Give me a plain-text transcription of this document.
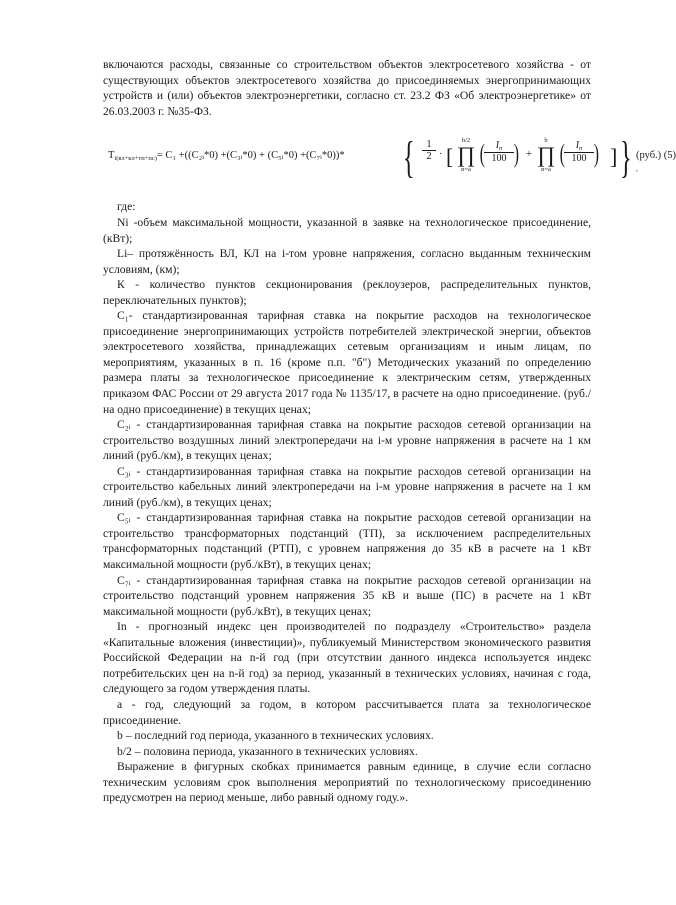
включаются расходы, связанные со строительством объектов электросетевого хозяйства - от существующих объектов электросетевого хозяйства до присоединяемых энергопринимающих устройств и (или) объектов электроэнергетики, согласно ст. 23.2 ФЗ «Об электроэнергетике» от 26.03.2003 г. №35-ФЗ.

$Т_{i(вл+кл+тп+пс)}= C_1$ +((C₂ᵢ*0) +(C₃ᵢ*0) + (C₅ᵢ*0) +(C₇ᵢ*0))* { $\frac{1}{2}$ · [
b/2
∏
n=a
( $\frac{I_n}{100}$ ) +
b
∏
n=a
( $\frac{I_n}{100}$ ) ] } (руб.) (5)
,

где:

Ni -объем максимальной мощности, указанной в заявке на технологическое присоединение, (кВт);

Li– протяжённость ВЛ, КЛ на i-том уровне напряжения, согласно выданным техническим условиям, (км);

К - количество пунктов секционирования (реклоузеров, распределительных пунктов, переключательных пунктов);

C₁- стандартизированная тарифная ставка на покрытие расходов на технологическое присоединение энергопринимающих устройств потребителей электрической энергии, объектов электросетевого хозяйства, принадлежащих сетевым организациям и иным лицам, по мероприятиям, указанных в п. 16 (кроме п.п. "б") Методических указаний по определению размера платы за технологическое присоединение к электрическим сетям, утвержденных приказом ФАС России от 29 августа 2017 года № 1135/17, в расчете на одно присоединение. (руб./на одно присоединение) в текущих ценах;

C₂ᵢ - стандартизированная тарифная ставка на покрытие расходов сетевой организации на строительство воздушных линий электропередачи на i-м уровне напряжения в расчете на 1 км линий (руб./км), в текущих ценах;

C₃ᵢ - стандартизированная тарифная ставка на покрытие расходов сетевой организации на строительство кабельных линий электропередачи на i-м уровне напряжения в расчете на 1 км линий (руб./км), в текущих ценах;

C₅ᵢ - стандартизированная тарифная ставка на покрытие расходов сетевой организации на строительство трансформаторных подстанций (ТП), за исключением распределительных трансформаторных подстанций (РТП), с уровнем напряжения до 35 кВ в расчете на 1 кВт максимальной мощности (руб./кВт), в текущих ценах;

C₇ᵢ - стандартизированная тарифная ставка на покрытие расходов сетевой организации на строительство подстанций уровнем напряжения 35 кВ и выше (ПС) в расчете на 1 кВт максимальной мощности (руб./кВт), в текущих ценах;

In - прогнозный индекс цен производителей по подразделу «Строительство» раздела «Капитальные вложения (инвестиции)», публикуемый Министерством экономического развития Российской Федерации на n-й год (при отсутствии данного индекса используется индекс потребительских цен на n-й год) за период, указанный в технических условиях, начиная с года, следующего за годом утверждения платы.

а - год, следующий за годом, в котором рассчитывается плата за технологическое присоединение.

b – последний год периода, указанного в технических условиях.

b/2 – половина периода, указанного в технических условиях.

Выражение в фигурных скобках принимается равным единице, в случие если согласно техническим условиям срок выполнения мероприятий по технологическому присоединению предусмотрен на период меньше, либо равный одному году.».
